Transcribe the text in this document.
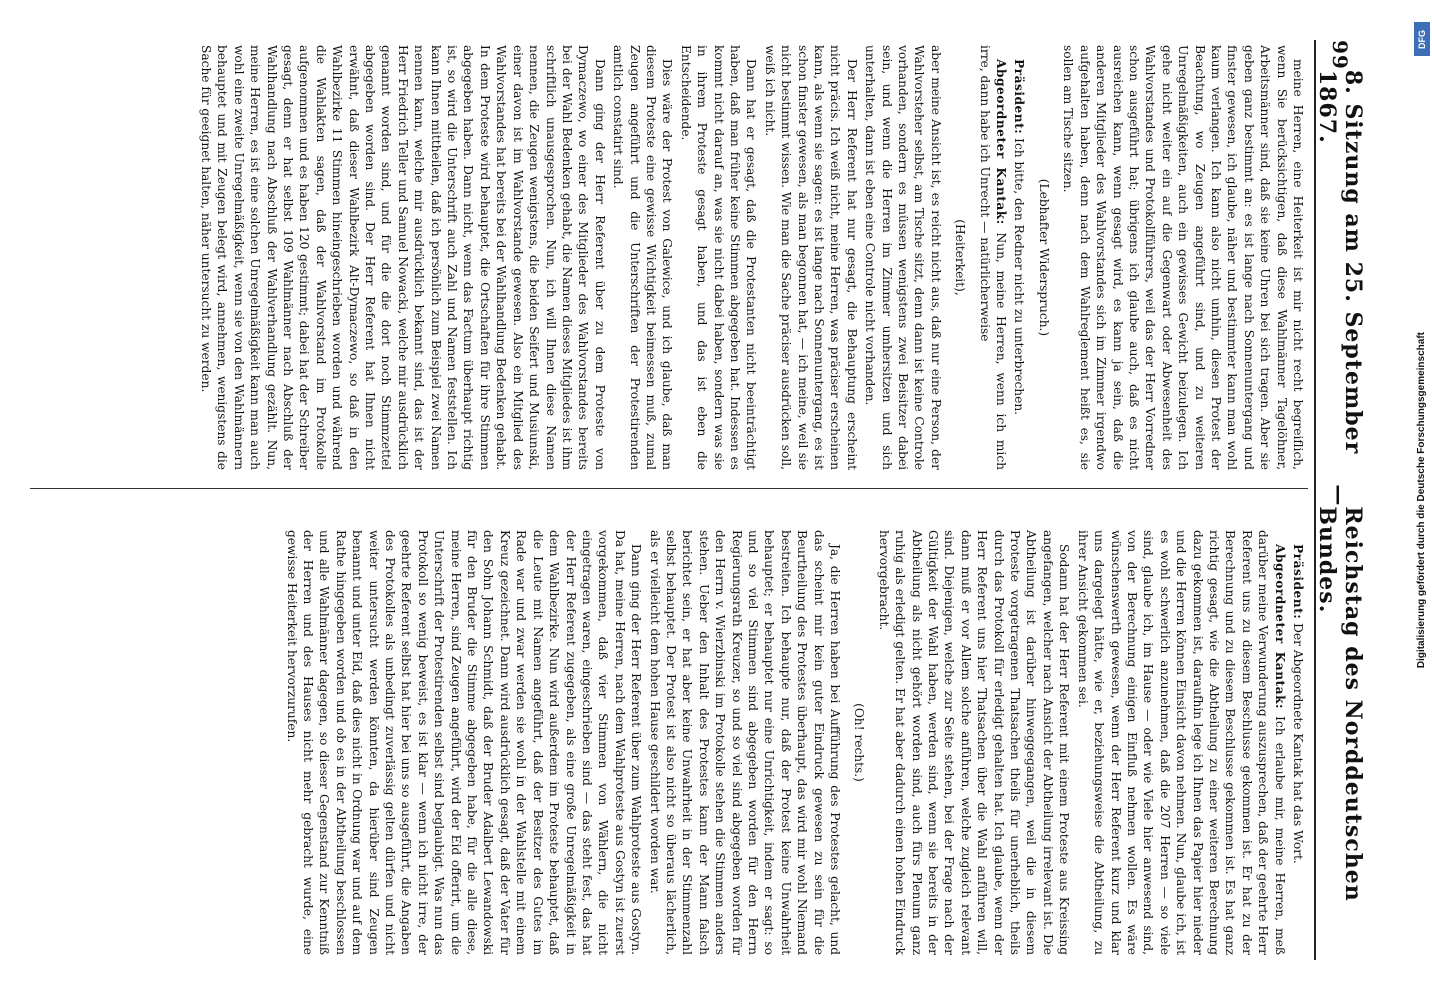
99
8. Sitzung am 25. September 1867.
—
Reichstag des Norddeutschen Bundes.

Präsident: Der Abgeordnete Kantak hat das Wort.

Abgeordneter Kantak: Ich erlaube mir, meine Herren, meß darüber meine Verwunderung auszusprechen, daß der geehrte Herr Referent uns zu diesem Beschlusse gekommen ist. Er hat zu der Berechnung und zu diesem Beschlusse gekommen ist. Es hat ganz richtig gesagt, wie die Abtheilung zu einer weiteren Berechnung dazu gekommen ist, daraufhin lege ich Ihnen das Papier hier nieder und die Herren können Einsicht davon nehmen. Nun, glaube ich, ist es wohl schwerlich anzunehmen, daß die 207 Herren — so viele sind, glaube ich, im Hause — oder wie Viele hier anwesend sind, von der Berechnung einigen Einfluß nehmen wollen. Es wäre wünschenswerth gewesen, wenn der Herr Referent kurz und klar uns dargelegt hätte, wie er, beziehungsweise die Abtheilung, zu ihrer Ansicht gekommen sei.

Sodann hat der Herr Referent mit einem Proteste aus Kreissing angefangen, welcher nach Ansicht der Abtheilung irrelevant ist. Die Abtheilung ist darüber hinweggegangen, weil die in diesem Proteste vorgetragenen Thatsachen theils für unerheblich, theils durch das Protokoll für erledigt gehalten hat. Ich glaube, wenn der Herr Referent uns hier Thatsachen über die Wahl anführen will, dann muß er vor Allem solche anführen, welche zugleich relevant sind. Diejenigen, welche zur Seite stehen, bei der Frage nach der Gültigkeit der Wahl haben, werden sind, wenn sie bereits in der Abtheilung als nicht gehört worden sind, auch fürs Plenum ganz ruhig als erledigt gelten. Er hat aber dadurch einen hohen Eindruck hervorgebracht.

(Oh! rechts.)

Ja, die Herren haben bei Aufführung des Protestes gelacht, und das scheint mir kein guter Eindruck gewesen zu sein für die Beurtheilung des Protestes überhaupt, das wird mir wohl Niemand bestreiten. Ich behaupte nur, daß der Protest keine Unwahrheit behauptet; er behauptet nur eine Unrichtigkeit, indem er sagt: so und so viel Stimmen sind abgegeben worden für den Herrn Regierungsrath Kreuzer, so und so viel sind abgegeben worden für den Herrn v. Wierzbinski im Protokolle stehen die Stimmen anders stehen. Ueber den Inhalt des Protestes kann der Mann falsch berichtet sein, er hat aber keine Unwahrheit in der Stimmenzahl selbst behauptet. Der Protest ist also nicht so überaus lächerlich, als er vielleicht dem hohen Hause geschildert worden war.

Dann ging der Herr Referent über zum Wahlproteste aus Gostyn. Da hat, meine Herren, nach dem Wahlproteste aus Gostyn ist zuerst vorgekommen, daß vier Stimmen von Wählern, die nicht eingetragen waren, eingeschrieben sind — das steht fest, das hat der Herr Referent zugegeben, als eine große Unregelmäßigkeit in dem Wahlbezirke. Nun wird außerdem im Proteste behauptet, daß die Leute mit Namen angeführt, daß der Besitzer des Gutes im Rade war und zwar werden sie wohl in der Wahlstelle mit einem Kreuz gezeichnet. Dann wird ausdrücklich gesagt, daß der Vater für den Sohn Johann Schmidt, daß der Bruder Adalbert Lewandowski für den Bruder die Stimme abgegeben habe, für die alle diese, meine Herren, sind Zeugen angeführt, wird der Eid offerirt, um die Unterschrift der Protestirenden selbst sind beglaubigt. Was nun das Protokoll so wenig beweist, es ist klar — wenn ich nicht irre, der geehrte Referent selbst hat hier bei uns so ausgeführt, die Angaben des Protokolles als unbedingt zuverlässig gelten dürfen und nicht weiter untersucht werden könnten, da hierüber sind Zeugen benannt und unter Eid, daß dies nicht in Ordnung war und auf dem Rathe hingegeben worden und ob es in der Abtheilung beschlossen und alle Wahlmänner dagegen, so dieser Gegenstand zur Kenntniß der Herren und des Hauses nicht mehr gebracht wurde, eine gewisse Heiterkeit hervorzurufen.

meine Herren, eine Heiterkeit ist mir nicht recht begreiflich, wenn Sie berücksichtigen, daß diese Wahlmänner Tagelöhner, Arbeitsmänner sind, daß sie keine Uhren bei sich tragen. Aber sie geben ganz bestimmt an: es ist lange nach Sonnenuntergang und finster gewesen, ich glaube, näher und bestimmter kann man wohl kaum verlangen. Ich kann also nicht umhin, diesen Protest der Beachtung, wo Zeugen angeführt sind, und zu weiteren Unregelmäßigkeiten, auch ein gewisses Gewicht beizulegen. Ich gehe nicht weiter ein auf die Gegenwart oder Abwesenheit des Wahlvorstandes und Protokollführers, weil das der Herr Vorredner schon ausgeführt hat; übrigens ich glaube auch, daß es nicht ausreichen kann, wenn gesagt wird, es kann ja sein, daß die anderen Mitglieder des Wahlvorstandes sich im Zimmer irgendwo aufgehalten haben, denn nach dem Wahlreglement heißt es, sie sollen am Tische sitzen.

(Lebhafter Widerspruch.)

Präsident: Ich bitte, den Redner nicht zu unterbrechen.

Abgeordneter Kantak: Nun, meine Herren, wenn ich mich irre, dann habe ich Unrecht — natürlicherweise

(Heiterkeit),

aber meine Ansicht ist, es reicht nicht aus, daß nur eine Person, der Wahlvorsteher selbst, am Tische sitzt, denn dann ist keine Controle vorhanden, sondern es müssen wenigstens zwei Beisitzer dabei sein, und wenn die Herren im Zimmer umhersitzen und sich unterhalten, dann ist eben eine Controle nicht vorhanden.

Der Herr Referent hat nur gesagt, die Behauptung erscheint nicht präcis. Ich weiß nicht, meine Herren, was präciser erscheinen kann, als wenn sie sagen: es ist lange nach Sonnenuntergang, es ist schon finster gewesen, als man begonnen hat, — ich meine, weil sie nicht bestimmt wissen. Wie man die Sache präciser ausdrücken soll, weiß ich nicht.

Dann hat er gesagt, daß die Protestanten nicht beeinträchtigt haben, daß man früher keine Stimmen abgegeben hat. Indessen es kommt nicht darauf an, was sie nicht dabei haben, sondern was sie in ihrem Proteste gesagt haben, und das ist eben die Entscheidende.

Dies wäre der Protest von Galewice, und ich glaube, daß man diesem Proteste eine gewisse Wichtigkeit beimessen muß, zumal Zeugen angeführt und die Unterschriften der Protestirenden amtlich constatirt sind.

Dann ging der Herr Referent über zu dem Proteste von Dymaczewo, wo einer des Mitglieder des Wahlvorstandes bereits bei der Wahl Bedenken gehabt, die Namen dieses Mitgliedes ist ihm schriftlich unausgesprochen. Nun, ich will Ihnen diese Namen nennen, die Zeugen wenigstens, die beiden Seifert und Musiunski, einer davon ist im Wahlvorstande gewesen. Also ein Mitglied des Wahlvorstandes hat bereits bei der Wahlhandlung Bedenken gehabt. In dem Proteste wird behauptet, die Ortschaften für ihre Stimmen abgegeben haben. Dann nicht, wenn das Factum überhaupt richtig ist, so wird die Unterschrift auch Zahl und Namen feststellen. Ich kann Ihnen mittheilen, daß ich persönlich zum Beispiel zwei Namen nennen kann, welche mir ausdrücklich bekannt sind, das ist der Herr Friedrich Teller und Samuel Nowacki, welche mir ausdrücklich genannt worden sind, und für die die dort noch Stimmzettel abgegeben worden sind. Der Herr Referent hat Ihnen nicht erwähnt, daß dieser Wahlbezirk Alt-Dymaczewo, so daß in den Wahlbezirke 11 Stimmen hineingeschrieben worden und während die Wahlakten sagen, daß der Wahlvorstand im Protokolle aufgenommen und es haben 120 gestimmt; dabei hat der Schreiber gesagt, denn er hat selbst 109 Wahlmänner nach Abschluß der Wahlhandlung nach Abschluß der Wahlverhandlung gezählt. Nun, meine Herren, es ist eine solchen Unregelmäßigkeit kann man auch wohl eine zweite Unregelmäßigkeit, wenn sie von den Wahlmännern behauptet und mit Zeugen belegt wird, annehmen, wenigstens die Sache für geeignet halten, näher untersucht zu werden.

Digitalisierung gefördert durch die Deutsche Forschungsgemeinschaft
DFG
